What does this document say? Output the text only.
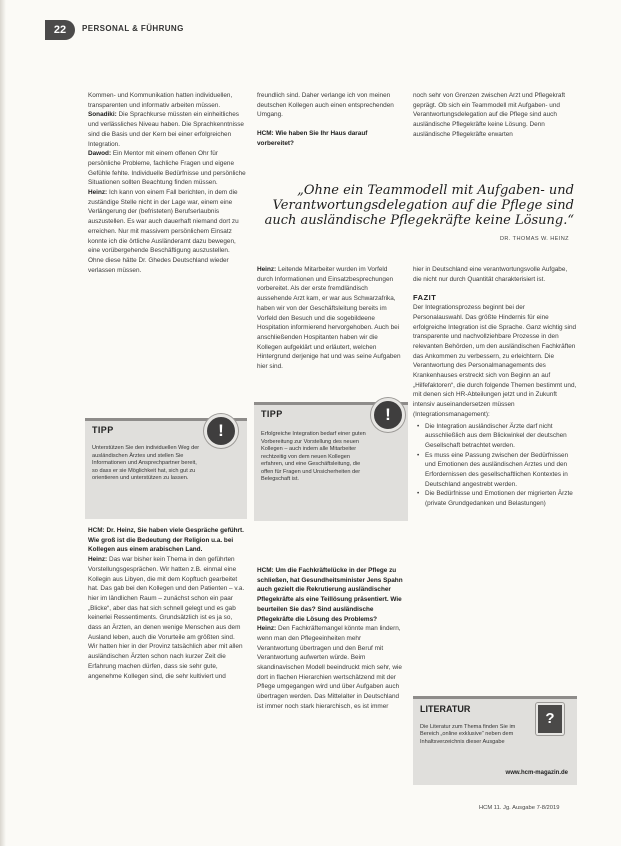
22	PERSONAL & FÜHRUNG

Kommen- und Kommunikation hatten individuellen, transparenten und informativ arbeiten müssen.

Sonadiki: Die Sprachkurse müssten ein einheitliches und verlässliches Niveau haben. Die Sprachkenntnisse sind die Basis und der Kern bei einer erfolgreichen Integration.

Dawod: Ein Mentor mit einem offenen Ohr für persönliche Probleme, fachliche Fragen und eigene Gefühle fehlte. Individuelle Bedürfnisse und persönliche Situationen sollten Beachtung finden müssen.

Heinz: Ich kann von einem Fall berichten, in dem die zuständige Stelle nicht in der Lage war, einem eine Verlängerung der (befristeten) Berufserlaubnis auszustellen. Es war auch dauerhaft niemand dort zu erreichen. Nur mit massivem persönlichem Einsatz konnte ich die örtliche Ausländeramt dazu bewegen, eine vorübergehende Beschäftigung auszustellen. Ohne diese hätte Dr. Ghedes Deutschland wieder verlassen müssen.

TIPP
Unterstützen Sie den individuellen Weg der ausländischen Ärztes und stellen Sie Informationen und Ansprechpartner bereit, so dass er sie Möglichkeit hat, sich gut zu orientieren und unterstützen zu lassen.
!

HCM: Dr. Heinz, Sie haben viele Gespräche geführt. Wie groß ist die Bedeutung der Religion u.a. bei Kollegen aus einem arabischen Land.

Heinz: Das war bisher kein Thema in den geführten Vorstellungsgesprächen. Wir hatten z.B. einmal eine Kollegin aus Libyen, die mit dem Kopftuch gearbeitet hat. Das gab bei den Kollegen und den Patienten – v.a. hier im ländlichen Raum – zunächst schon ein paar „Blicke“, aber das hat sich schnell gelegt und es gab keinerlei Ressentiments. Grundsätzlich ist es ja so, dass an Ärzten, an denen wenige Menschen aus dem Ausland leben, auch die Vorurteile am größten sind. Wir hatten hier in der Provinz tatsächlich aber mit allen ausländischen Ärzten schon nach kurzer Zeit die Erfahrung machen dürfen, dass sie sehr gute, angenehme Kollegen sind, die sehr kultiviert und

freundlich sind. Daher verlange ich von meinen deutschen Kollegen auch einen entsprechenden Umgang.

HCM: Wie haben Sie Ihr Haus darauf vorbereitet?

„Ohne ein Teammodell mit Aufgaben- und Verantwortungsdelegation auf die Pflege sind auch ausländische Pflegekräfte keine Lösung.“
DR. THOMAS W. HEINZ

Heinz: Leitende Mitarbeiter wurden im Vorfeld durch Informationen und Einsatzbesprechungen vorbereitet. Als der erste fremdländisch aussehende Arzt kam, er war aus Schwarzafrika, haben wir von der Geschäftsleitung bereits im Vorfeld den Besuch und die sogebildeene Hospitation informierend hervorgehoben. Auch bei anschließenden Hospitanten haben wir die Kollegen aufgeklärt und erläutert, welchen Hintergrund derjenige hat und was seine Aufgaben hier sind.

TIPP
Erfolgreiche Integration bedarf einer guten Vorbereitung zur Vorstellung des neuen Kollegen – auch indem alle Mitarbeiter rechtzeitig von dem neuen Kollegen erfahren, und eine Geschäftsleitung, die offen für Fragen und Unsicherheiten der Belegschaft ist.
!

HCM: Um die Fachkräftelücke in der Pflege zu schließen, hat Gesundheitsminister Jens Spahn auch gezielt die Rekrutierung ausländischer Pflegekräfte als eine Teillösung präsentiert. Wie beurteilen Sie das? Sind ausländische Pflegekräfte die Lösung des Problems?

Heinz: Den Fachkräftemangel könnte man lindern, wenn man den Pflegeeinheiten mehr Verantwortung übertragen und den Beruf mit Verantwortung aufwerten würde. Beim skandinavischen Modell beeindruckt mich sehr, wie dort in flachen Hierarchien wertschätzend mit der Pflege umgegangen wird und über Aufgaben auch übertragen werden. Das Mittelalter in Deutschland ist immer noch stark hierarchisch, es ist immer

noch sehr von Grenzen zwischen Arzt und Pflegekraft geprägt. Ob sich ein Teammodell mit Aufgaben- und Verantwortungsdelegation auf die Pflege sind auch ausländische Pflegekräfte keine Lösung. Denn ausländische Pflegekräfte erwarten

hier in Deutschland eine verantwortungsvolle Aufgabe, die nicht nur durch Quantität charakterisiert ist.

FAZIT

Der Integrationsprozess beginnt bei der Personalauswahl. Das größte Hindernis für eine erfolgreiche Integration ist die Sprache. Ganz wichtig sind transparente und nachvollziehbare Prozesse in den relevanten Behörden, um den ausländischen Fachkräften das Ankommen zu verbessern, zu erleichtern. Die Verantwortung des Personalmanagements des Krankenhauses erstreckt sich von Beginn an auf „Hilfefaktoren“, die durch folgende Themen bestimmt und, mit denen sich HR-Abteilungen jetzt und in Zukunft intensiv auseinandersetzen müssen (Integrationsmanagement):

• Die Integration ausländischer Ärzte darf nicht ausschließlich aus dem Blickwinkel der deutschen Gesellschaft betrachtet werden.
• Es muss eine Passung zwischen der Bedürfnissen und Emotionen des ausländischen Arztes und den Erfordernissen des gesellschaftlichen Kontextes in Deutschland angestrebt werden.
• Die Bedürfnisse und Emotionen der migrierten Ärzte (private Grundgedanken und Belastungen)
LITERATUR
?
Die Literatur zum Thema finden Sie im Bereich „online exklusive“ neben dem Inhaltsverzeichnis dieser Ausgabe
www.hcm-magazin.de
HCM 11. Jg. Ausgabe 7-8/2019
